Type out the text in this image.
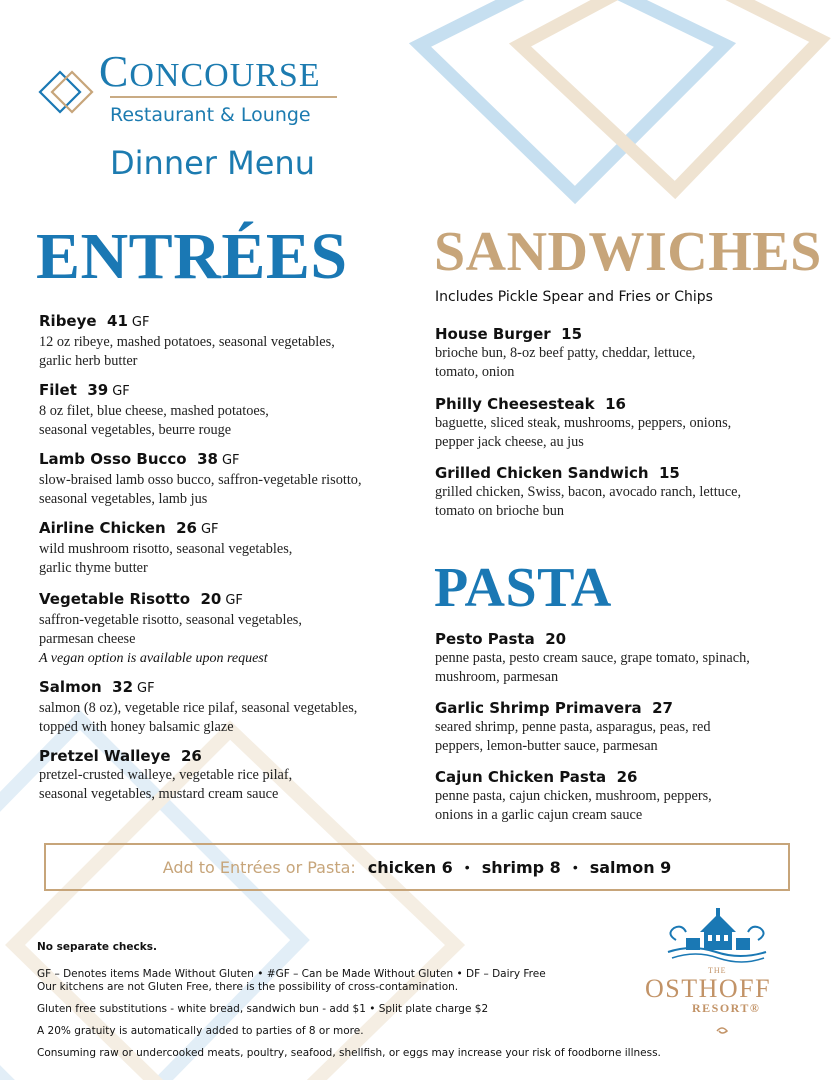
CONCOURSE
Restaurant & Lounge
Dinner Menu
ENTRÉES SANDWICHES
Includes Pickle Spear and Fries or Chips
PASTA
Ribeye 41 GF
12 oz ribeye, mashed potatoes, seasonal vegetables,
garlic herb butter
Filet 39 GF
8 oz filet, blue cheese, mashed potatoes,
seasonal vegetables, beurre rouge
Lamb Osso Bucco 38 GF
slow-braised lamb osso bucco, saffron-vegetable risotto,
seasonal vegetables, lamb jus
Airline Chicken 26 GF
wild mushroom risotto, seasonal vegetables,
garlic thyme butter
Vegetable Risotto 20 GF
saffron-vegetable risotto, seasonal vegetables,
parmesan cheese
A vegan option is available upon request
Salmon 32 GF
salmon (8 oz), vegetable rice pilaf, seasonal vegetables,
topped with honey balsamic glaze
Pretzel Walleye 26
pretzel-crusted walleye, vegetable rice pilaf,
seasonal vegetables, mustard cream sauce
House Burger 15
brioche bun, 8-oz beef patty, cheddar, lettuce,
tomato, onion
Philly Cheesesteak 16
baguette, sliced steak, mushrooms, peppers, onions,
pepper jack cheese, au jus
Grilled Chicken Sandwich 15
grilled chicken, Swiss, bacon, avocado ranch, lettuce,
tomato on brioche bun
Pesto Pasta 20
penne pasta, pesto cream sauce, grape tomato, spinach,
mushroom, parmesan
Garlic Shrimp Primavera 27
seared shrimp, penne pasta, asparagus, peas, red
peppers, lemon-butter sauce, parmesan
Cajun Chicken Pasta 26
penne pasta, cajun chicken, mushroom, peppers,
onions in a garlic cajun cream sauce
Add to Entrées or Pasta: chicken 6 • shrimp 8 • salmon 9
No separate checks.
GF – Denotes items Made Without Gluten • #GF – Can be Made Without Gluten • DF – Dairy Free
Our kitchens are not Gluten Free, there is the possibility of cross-contamination.
Gluten free substitutions - white bread, sandwich bun - add $1 • Split plate charge $2
A 20% gratuity is automatically added to parties of 8 or more.
Consuming raw or undercooked meats, poultry, seafood, shellfish, or eggs may increase your risk of foodborne illness.
THE
OSTHOFF
RESORT®
